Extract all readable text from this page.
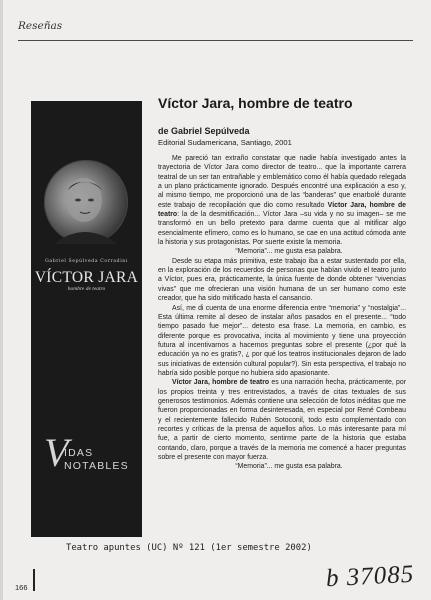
Reseñas
Gabriel Sepúlveda Corradini
VÍCTOR JARA
hombre de teatro
V
IDAS
NOTABLES
Víctor Jara, hombre de teatro
de Gabriel Sepúlveda
Editorial Sudamericana, Santiago, 2001

Me pareció tan extraño constatar que nadie había investigado antes la trayectoria de Víctor Jara como director de teatro... que la importante carrera teatral de un ser tan entrañable y emblemático como él había quedado relegada a un plano prácticamente ignorado. Después encontré una explicación a eso y, al mismo tiempo, me proporcionó una de las “banderas” que enarbolé durante este trabajo de recopilación que dio como resultado Víctor Jara, hombre de teatro: la de la desmitificación... Víctor Jara –su vida y no su imagen– se me transformó en un bello pretexto para darme cuenta que al mitificar algo esencialmente efímero, como es lo humano, se cae en una actitud cómoda ante la historia y sus protagonistas. Por suerte existe la memoria.

“Memoria”... me gusta esa palabra.

Desde su etapa más primitiva, este trabajo iba a estar sustentado por ella, en la exploración de los recuerdos de personas que habían vivido el teatro junto a Víctor, pues era, prácticamente, la única fuente de donde obtener “vivencias vivas” que me ofrecieran una visión humana de un ser humano como este creador, que ha sido mitificado hasta el cansancio.

Así, me di cuenta de una enorme diferencia entre “memoria” y “nostalgia”... Esta última remite al deseo de instalar años pasados en el presente... “todo tiempo pasado fue mejor”... detesto esa frase. La memoria, en cambio, es diferente porque es provocativa, incita al movimiento y tiene una proyección futura al incentivarnos a hacernos preguntas sobre el presente (¿por qué la educación ya no es gratis?, ¿ por qué los teatros institucionales dejaron de lado sus iniciativas de extensión cultural popular?). Sin esta perspectiva, el trabajo no habría sido posible porque no hubiera sido apasionante.

Víctor Jara, hombre de teatro es una narración hecha, prácticamente, por los propios treinta y tres entrevistados, a través de citas textuales de sus generosos testimonios. Además contiene una selección de fotos inéditas que me fueron proporcionadas en forma desinteresada, en especial por René Combeau y el recientemente fallecido Rubén Sotoconil, todo esto complementado con recortes y críticas de la prensa de aquellos años. Lo más interesante para mí fue, a partir de cierto momento, sentirme parte de la historia que estaba contando, claro, porque a través de la memoria me comencé a hacer preguntas sobre el presente con mayor fuerza.

“Memoria”... me gusta esa palabra.

Teatro apuntes (UC) Nº 121 (1er semestre 2002)
166	b 37085
